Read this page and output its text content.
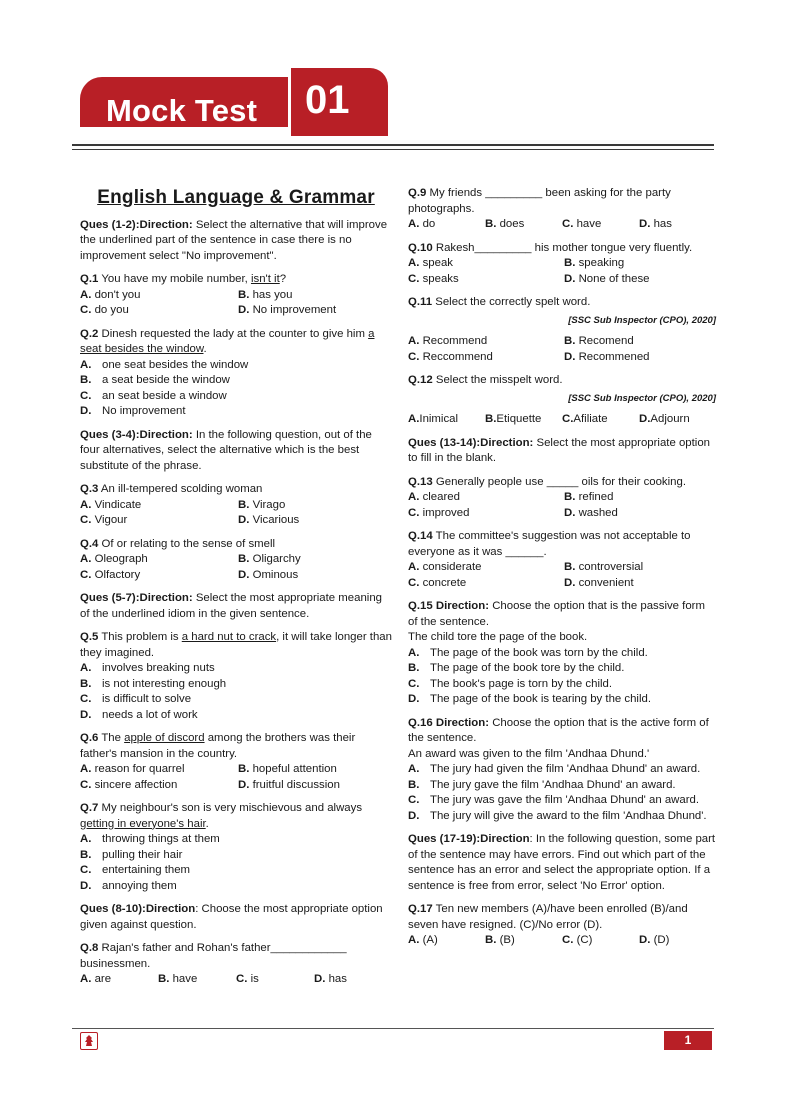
Mock Test 01
English Language & Grammar
Ques (1-2):Direction: Select the alternative that will improve the underlined part of the sentence in case there is no improvement select "No improvement".
Q.1 You have my mobile number, isn't it?
A. don't you	B. has you
C. do you	D. No improvement
Q.2 Dinesh requested the lady at the counter to give him a seat besides the window.
A. one seat besides the window
B. a seat beside the window
C. an seat beside a window
D. No improvement
Ques (3-4):Direction: In the following question, out of the four alternatives, select the alternative which is the best substitute of the phrase.
Q.3 An ill-tempered scolding woman
A. Vindicate	B. Virago
C. Vigour	D. Vicarious
Q.4 Of or relating to the sense of smell
A. Oleograph	B. Oligarchy
C. Olfactory	D. Ominous
Ques (5-7):Direction: Select the most appropriate meaning of the underlined idiom in the given sentence.
Q.5 This problem is a hard nut to crack, it will take longer than they imagined.
A. involves breaking nuts
B. is not interesting enough
C. is difficult to solve
D. needs a lot of work
Q.6 The apple of discord among the brothers was their father's mansion in the country.
A. reason for quarrel	B. hopeful attention
C. sincere affection	D. fruitful discussion
Q.7 My neighbour's son is very mischievous and always getting in everyone's hair.
A. throwing things at them
B. pulling their hair
C. entertaining them
D. annoying them
Ques (8-10):Direction: Choose the most appropriate option given against question.
Q.8 Rajan's father and Rohan's father____________ businessmen.
A. are	B. have	C. is	D. has
Q.9 My friends _________ been asking for the party photographs.
A. do	B. does	C. have	D. has
Q.10 Rakesh_________ his mother tongue very fluently.
A. speak	B. speaking
C. speaks	D. None of these
Q.11 Select the correctly spelt word.
[SSC Sub Inspector (CPO), 2020]
A. Recommend	B. Recomend
C. Reccommend	D. Recommened
Q.12 Select the misspelt word.
[SSC Sub Inspector (CPO), 2020]
A.Inimical	B.Etiquette	C.Afiliate	D.Adjourn
Ques (13-14):Direction: Select the most appropriate option to fill in the blank.
Q.13 Generally people use _____ oils for their cooking.
A. cleared	B. refined
C. improved	D. washed
Q.14 The committee's suggestion was not acceptable to everyone as it was ______.
A. considerate	B. controversial
C. concrete	D. convenient
Q.15 Direction: Choose the option that is the passive form of the sentence.
The child tore the page of the book.
A. The page of the book was torn by the child.
B. The page of the book tore by the child.
C. The book's page is torn by the child.
D. The page of the book is tearing by the child.
Q.16 Direction: Choose the option that is the active form of the sentence.
An award was given to the film 'Andhaa Dhund.'
A. The jury had given the film 'Andhaa Dhund' an award.
B. The jury gave the film 'Andhaa Dhund' an award.
C. The jury was gave the film 'Andhaa Dhund' an award.
D. The jury will give the award to the film 'Andhaa Dhund'.
Ques (17-19):Direction: In the following question, some part of the sentence may have errors. Find out which part of the sentence has an error and select the appropriate option. If a sentence is free from error, select 'No Error' option.
Q.17 Ten new members (A)/have been enrolled (B)/and seven have resigned. (C)/No error (D).
A. (A)	B. (B)	C. (C)	D. (D)
1
